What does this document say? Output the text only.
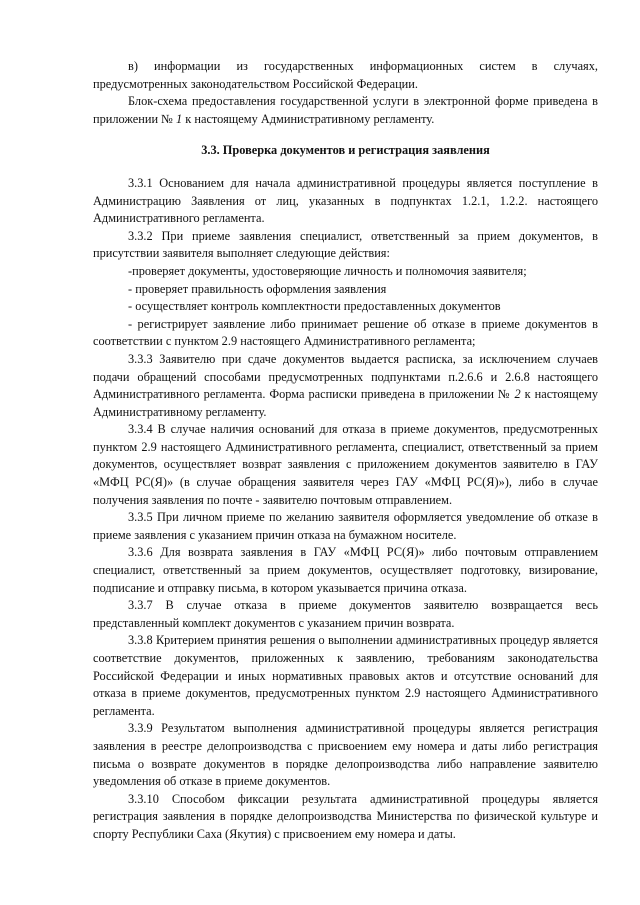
в) информации из государственных информационных систем в случаях, предусмотренных законодательством Российской Федерации.

Блок-схема предоставления государственной услуги в электронной форме приведена в приложении № 1 к настоящему Административному регламенту.

3.3. Проверка документов и регистрация заявления

3.3.1 Основанием для начала административной процедуры является поступление в Администрацию Заявления от лиц, указанных в подпунктах 1.2.1, 1.2.2. настоящего Административного регламента.

3.3.2 При приеме заявления специалист, ответственный за прием документов, в присутствии заявителя выполняет следующие действия:

-проверяет документы, удостоверяющие личность и полномочия заявителя;

- проверяет правильность оформления заявления

- осуществляет контроль комплектности предоставленных документов

- регистрирует заявление либо принимает решение об отказе в приеме документов в соответствии с пунктом 2.9 настоящего Административного регламента;

3.3.3 Заявителю при сдаче документов выдается расписка, за исключением случаев подачи обращений способами предусмотренных подпунктами п.2.6.6 и 2.6.8 настоящего Административного регламента. Форма расписки приведена в приложении № 2 к настоящему Административному регламенту.

3.3.4 В случае наличия оснований для отказа в приеме документов, предусмотренных пунктом 2.9 настоящего Административного регламента, специалист, ответственный за прием документов, осуществляет возврат заявления с приложением документов заявителю в ГАУ «МФЦ РС(Я)» (в случае обращения заявителя через ГАУ «МФЦ РС(Я)»), либо в случае получения заявления по почте - заявителю почтовым отправлением.

3.3.5 При личном приеме по желанию заявителя оформляется уведомление об отказе в приеме заявления с указанием причин отказа на бумажном носителе.

3.3.6 Для возврата заявления в ГАУ «МФЦ РС(Я)» либо почтовым отправлением специалист, ответственный за прием документов, осуществляет подготовку, визирование, подписание и отправку письма, в котором указывается причина отказа.

3.3.7 В случае отказа в приеме документов заявителю возвращается весь представленный комплект документов с указанием причин возврата.

3.3.8 Критерием принятия решения о выполнении административных процедур является соответствие документов, приложенных к заявлению, требованиям законодательства Российской Федерации и иных нормативных правовых актов и отсутствие оснований для отказа в приеме документов, предусмотренных пунктом 2.9 настоящего Административного регламента.

3.3.9 Результатом выполнения административной процедуры является регистрация заявления в реестре делопроизводства с присвоением ему номера и даты либо регистрация письма о возврате документов в порядке делопроизводства либо направление заявителю уведомления об отказе в приеме документов.

3.3.10 Способом фиксации результата административной процедуры является регистрация заявления в порядке делопроизводства Министерства по физической культуре и спорту Республики Саха (Якутия) с присвоением ему номера и даты.
